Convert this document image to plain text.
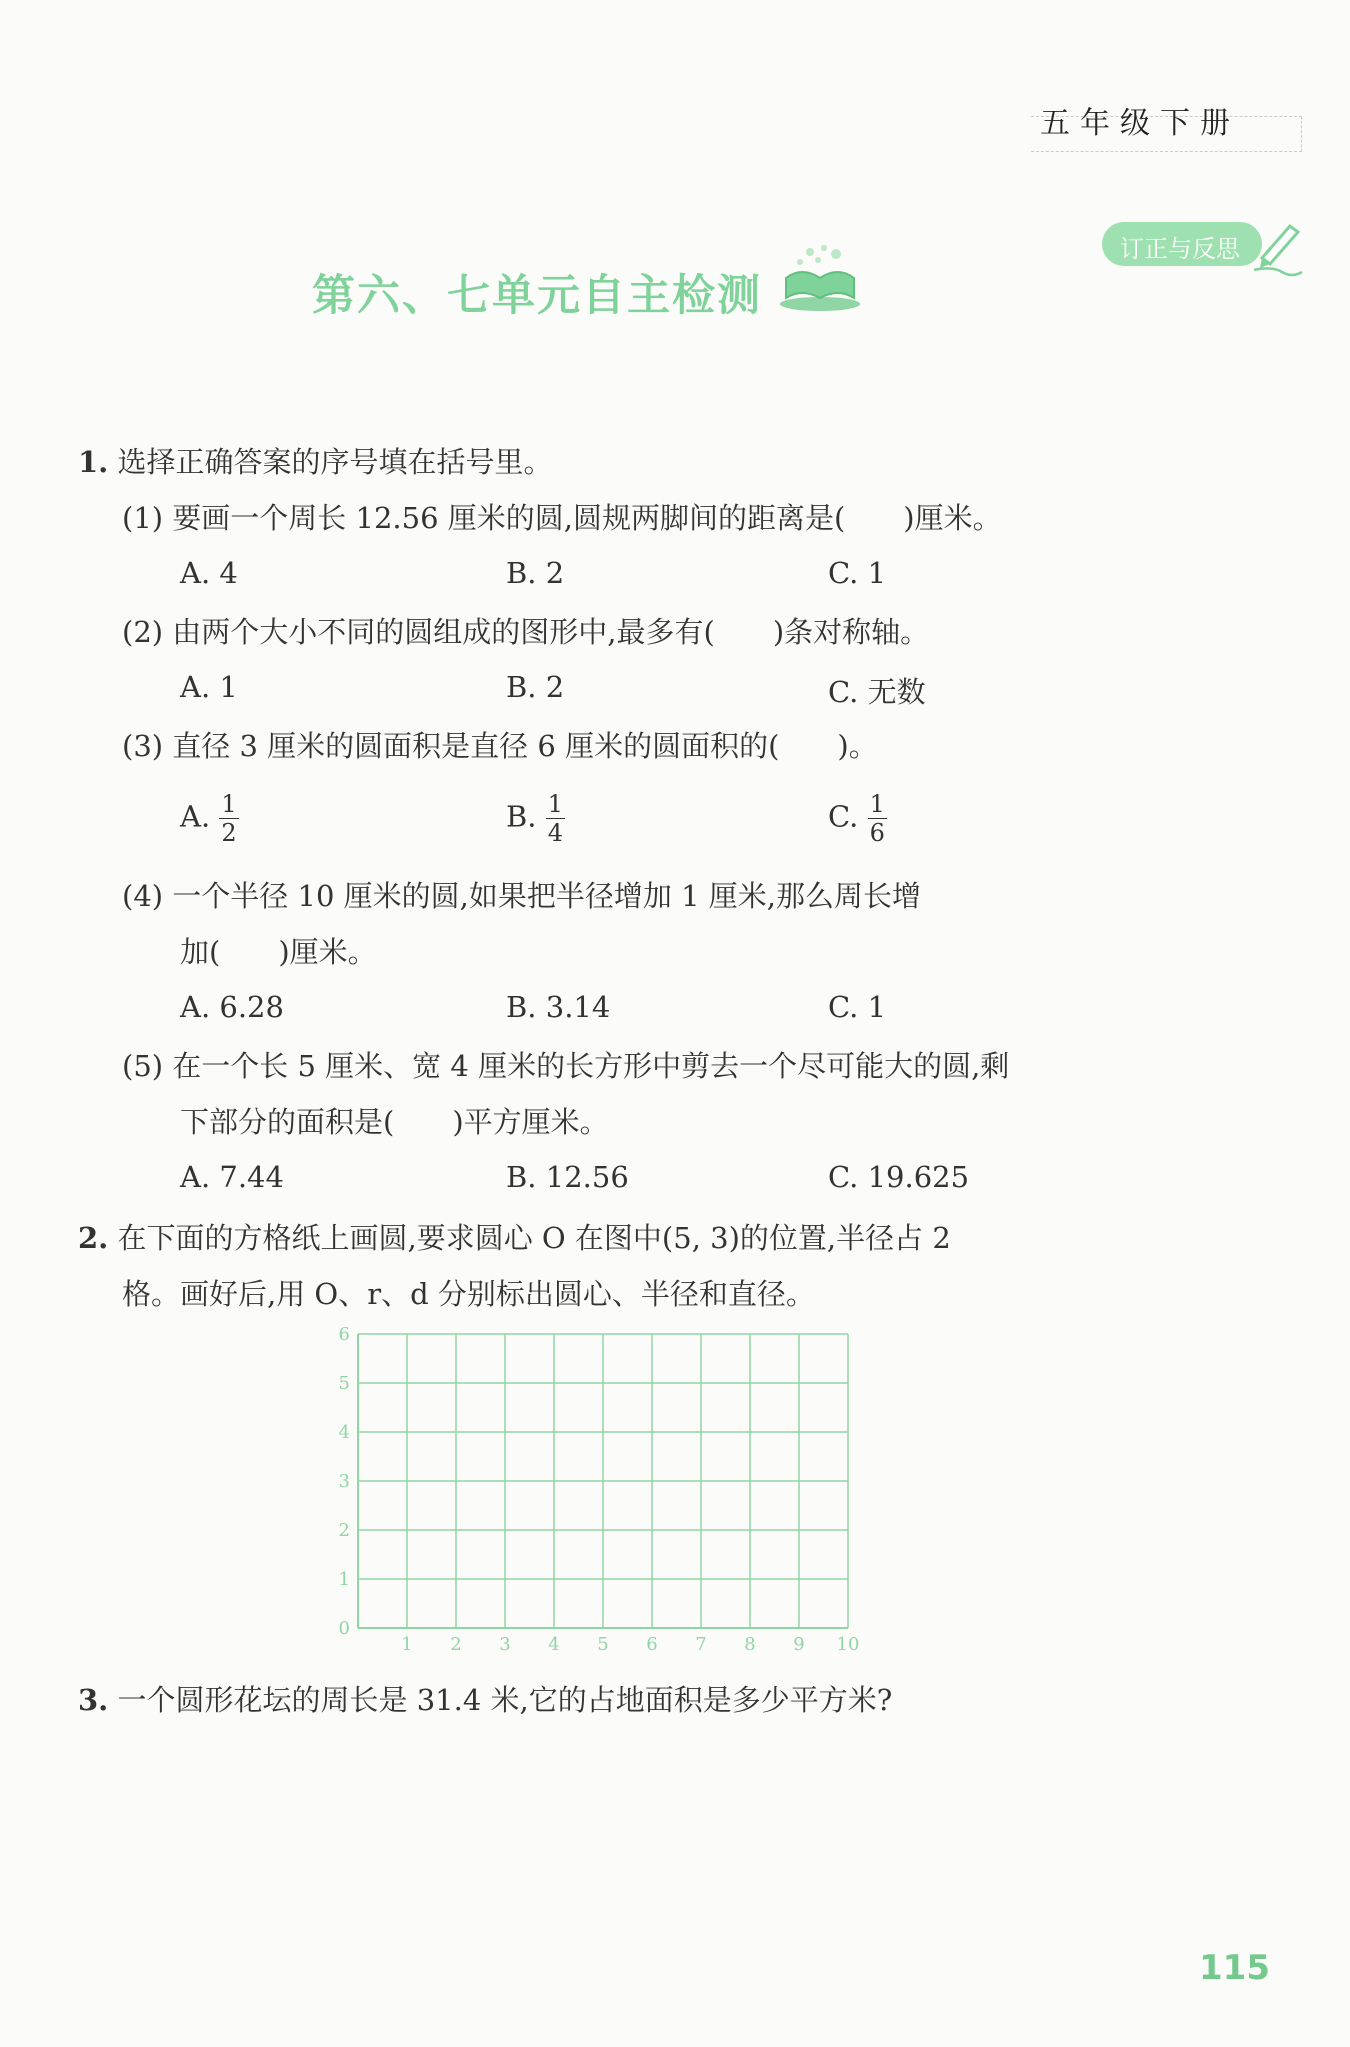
五年级下册
订正与反思
第六、七单元自主检测
1. 选择正确答案的序号填在括号里。
(1) 要画一个周长 12.56 厘米的圆,圆规两脚间的距离是(　　)厘米。
A. 4	B. 2	C. 1
(2) 由两个大小不同的圆组成的图形中,最多有(　　)条对称轴。
A. 1	B. 2	C. 无数
(3) 直径 3 厘米的圆面积是直径 6 厘米的圆面积的(　　)。
A. $\frac{1}{2}$	B. $\frac{1}{4}$	C. $\frac{1}{6}$
(4) 一个半径 10 厘米的圆,如果把半径增加 1 厘米,那么周长增
加(　　)厘米。
A. 6.28	B. 3.14	C. 1
(5) 在一个长 5 厘米、宽 4 厘米的长方形中剪去一个尽可能大的圆,剩
下部分的面积是(　　)平方厘米。
A. 7.44	B. 12.56	C. 19.625
2. 在下面的方格纸上画圆,要求圆心 O 在图中(5, 3)的位置,半径占 2
格。画好后,用 O、r、d 分别标出圆心、半径和直径。
1 2 3 4 5 6 7 8 9 10
0
1
2
3
4
5
6
3. 一个圆形花坛的周长是 31.4 米,它的占地面积是多少平方米?
115
